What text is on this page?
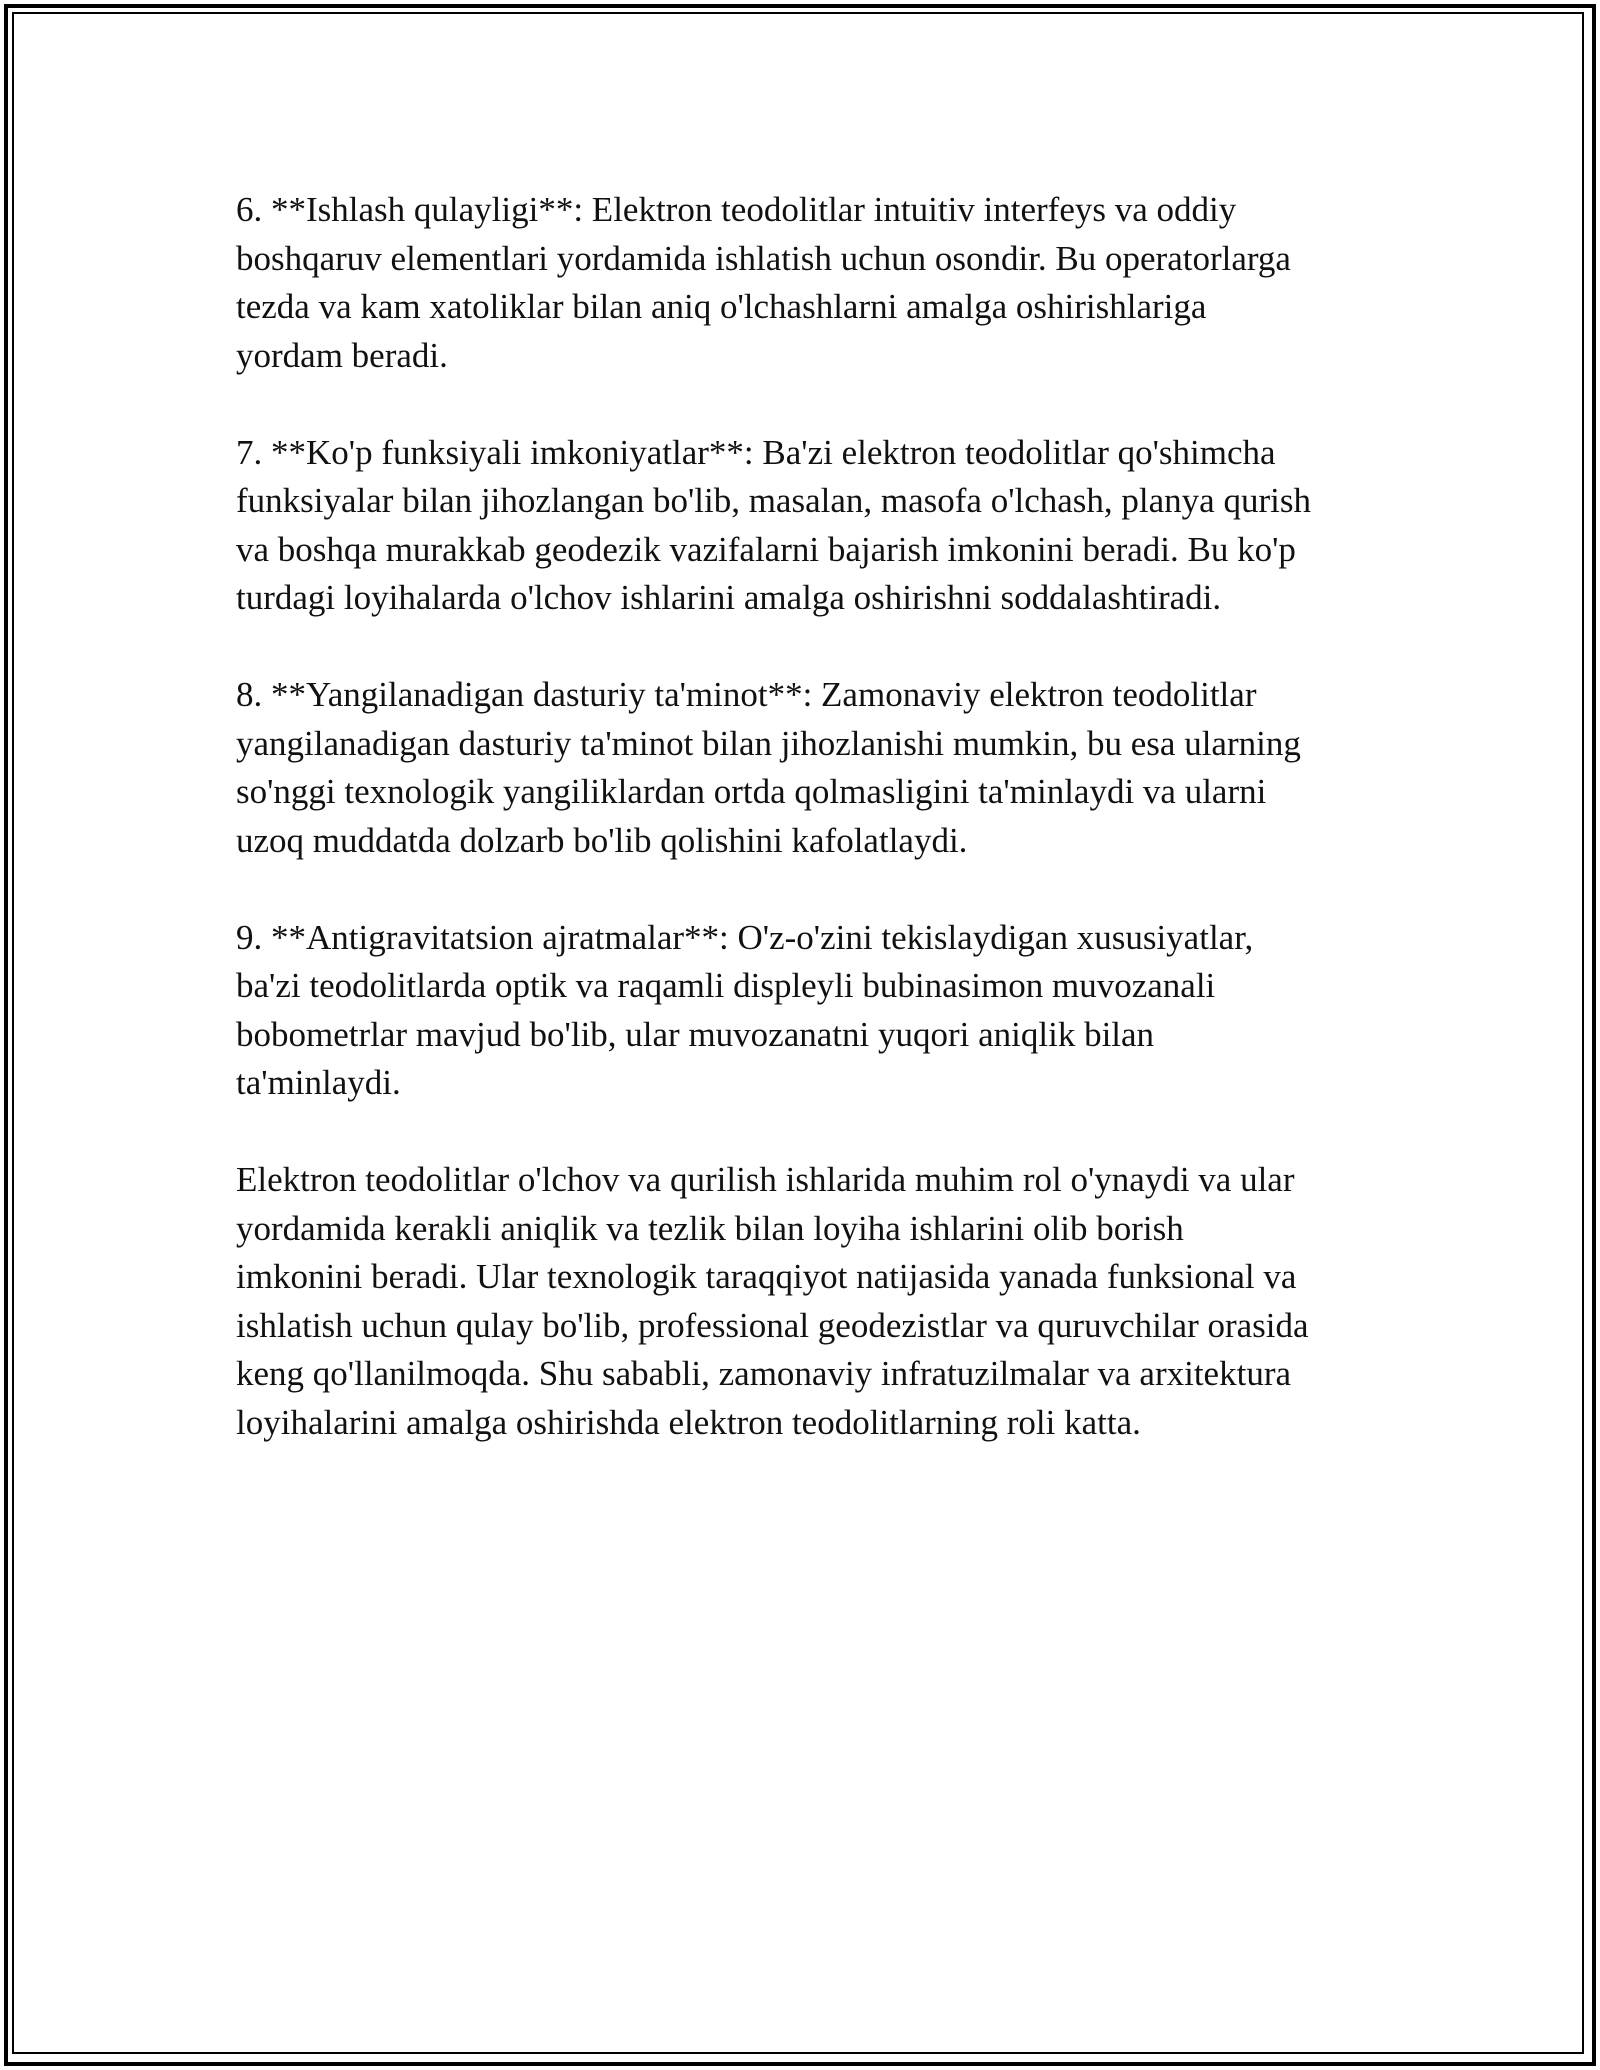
6. **Ishlash qulayligi**: Elektron teodolitlar intuitiv interfeys va oddiy
boshqaruv elementlari yordamida ishlatish uchun osondir. Bu operatorlarga
tezda va kam xatoliklar bilan aniq o'lchashlarni amalga oshirishlariga
yordam beradi.

7. **Ko'p funksiyali imkoniyatlar**: Ba'zi elektron teodolitlar qo'shimcha
funksiyalar bilan jihozlangan bo'lib, masalan, masofa o'lchash, planya qurish
va boshqa murakkab geodezik vazifalarni bajarish imkonini beradi. Bu ko'p
turdagi loyihalarda o'lchov ishlarini amalga oshirishni soddalashtiradi.

8. **Yangilanadigan dasturiy ta'minot**: Zamonaviy elektron teodolitlar
yangilanadigan dasturiy ta'minot bilan jihozlanishi mumkin, bu esa ularning
so'nggi texnologik yangiliklardan ortda qolmasligini ta'minlaydi va ularni
uzoq muddatda dolzarb bo'lib qolishini kafolatlaydi.

9. **Antigravitatsion ajratmalar**: O'z-o'zini tekislaydigan xususiyatlar,
ba'zi teodolitlarda optik va raqamli displeyli bubinasimon muvozanali
bobometrlar mavjud bo'lib, ular muvozanatni yuqori aniqlik bilan
ta'minlaydi.

Elektron teodolitlar o'lchov va qurilish ishlarida muhim rol o'ynaydi va ular
yordamida kerakli aniqlik va tezlik bilan loyiha ishlarini olib borish
imkonini beradi. Ular texnologik taraqqiyot natijasida yanada funksional va
ishlatish uchun qulay bo'lib, professional geodezistlar va quruvchilar orasida
keng qo'llanilmoqda. Shu sababli, zamonaviy infratuzilmalar va arxitektura
loyihalarini amalga oshirishda elektron teodolitlarning roli katta.
